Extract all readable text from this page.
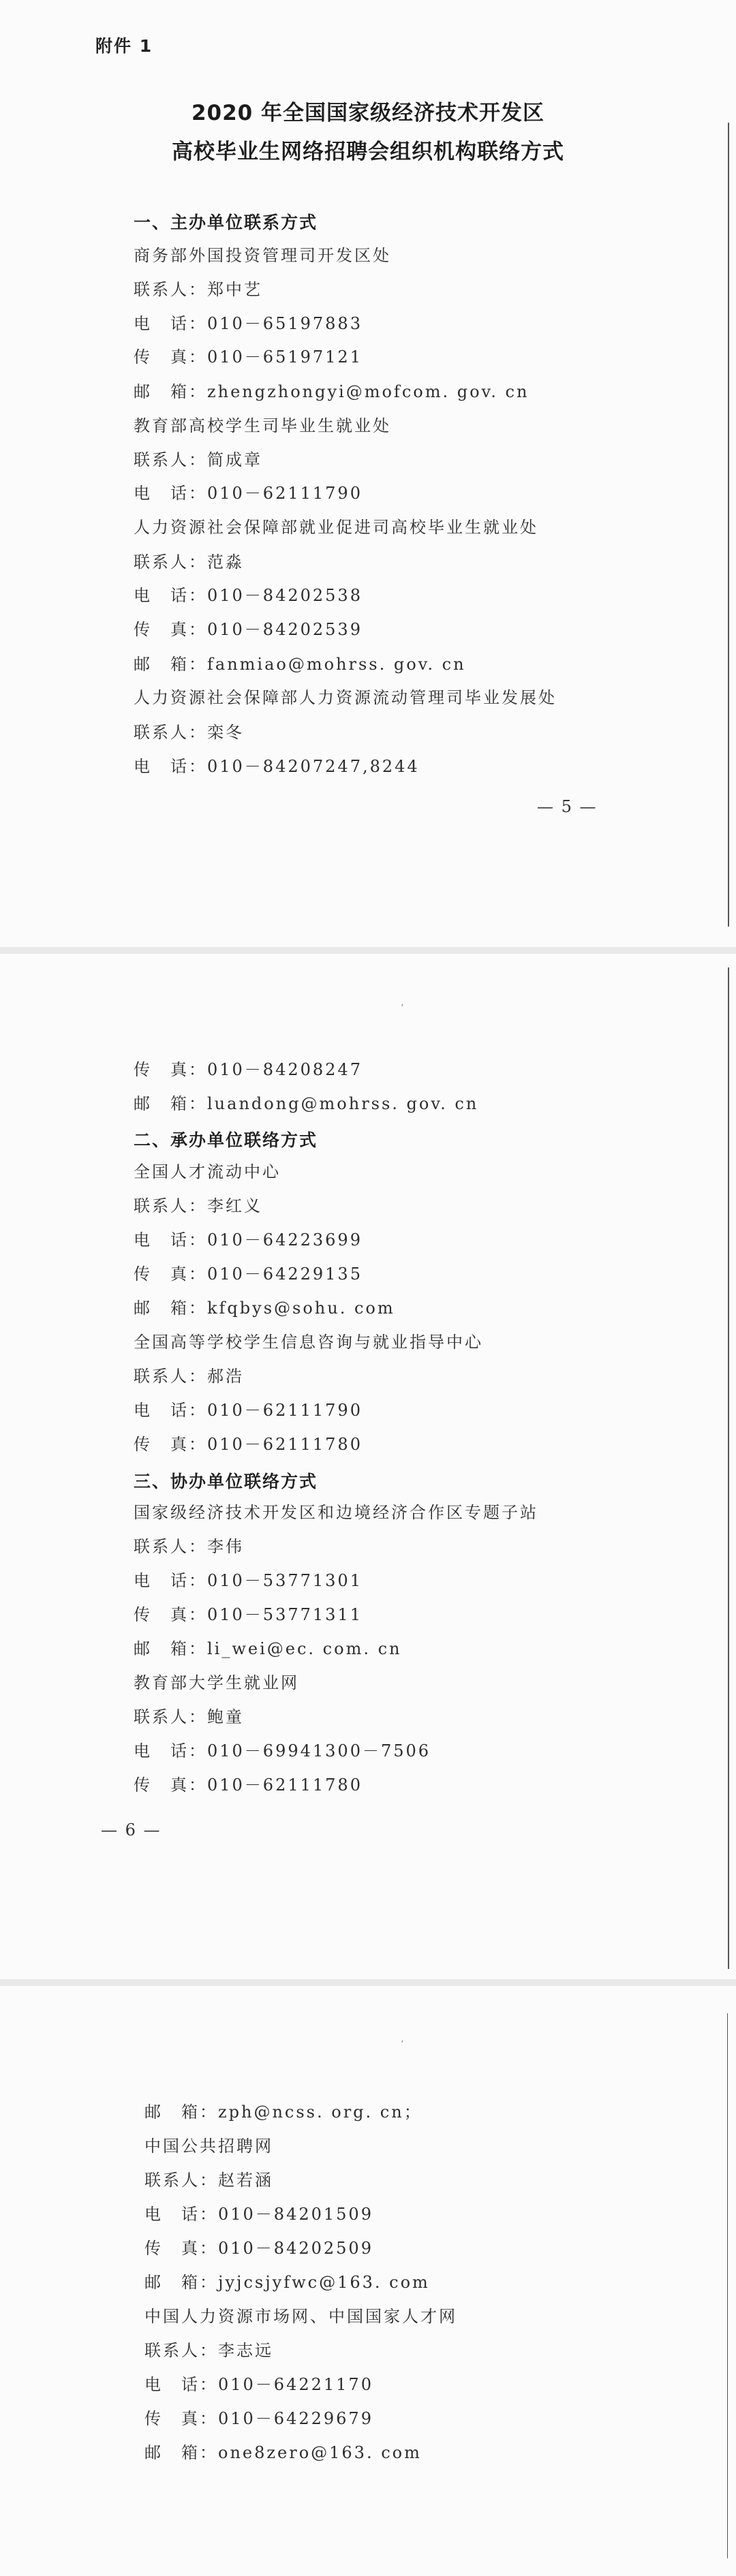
附件 1
2020 年全国国家级经济技术开发区
高校毕业生网络招聘会组织机构联络方式
一、主办单位联系方式
商务部外国投资管理司开发区处
联系人：郑中艺
电　话：010－65197883
传　真：010－65197121
邮　箱：zhengzhongyi@mofcom. gov. cn
教育部高校学生司毕业生就业处
联系人：简成章
电　话：010－62111790
人力资源社会保障部就业促进司高校毕业生就业处
联系人：范淼
电　话：010－84202538
传　真：010－84202539
邮　箱：fanmiao@mohrss. gov. cn
人力资源社会保障部人力资源流动管理司毕业发展处
联系人：栾冬
电　话：010－84207247,8244
— 5 —
٬
传　真：010－84208247
邮　箱：luandong@mohrss. gov. cn
二、承办单位联络方式
全国人才流动中心
联系人：李红义
电　话：010－64223699
传　真：010－64229135
邮　箱：kfqbys@sohu. com
全国高等学校学生信息咨询与就业指导中心
联系人：郝浩
电　话：010－62111790
传　真：010－62111780
三、协办单位联络方式
国家级经济技术开发区和边境经济合作区专题子站
联系人：李伟
电　话：010－53771301
传　真：010－53771311
邮　箱：li_wei@ec. com. cn
教育部大学生就业网
联系人：鲍童
电　话：010－69941300－7506
传　真：010－62111780
— 6 —
٬
邮　箱：zph@ncss. org. cn；
中国公共招聘网
联系人：赵若涵
电　话：010－84201509
传　真：010－84202509
邮　箱：jyjcsjyfwc@163. com
中国人力资源市场网、中国国家人才网
联系人：李志远
电　话：010－64221170
传　真：010－64229679
邮　箱：one8zero@163. com
